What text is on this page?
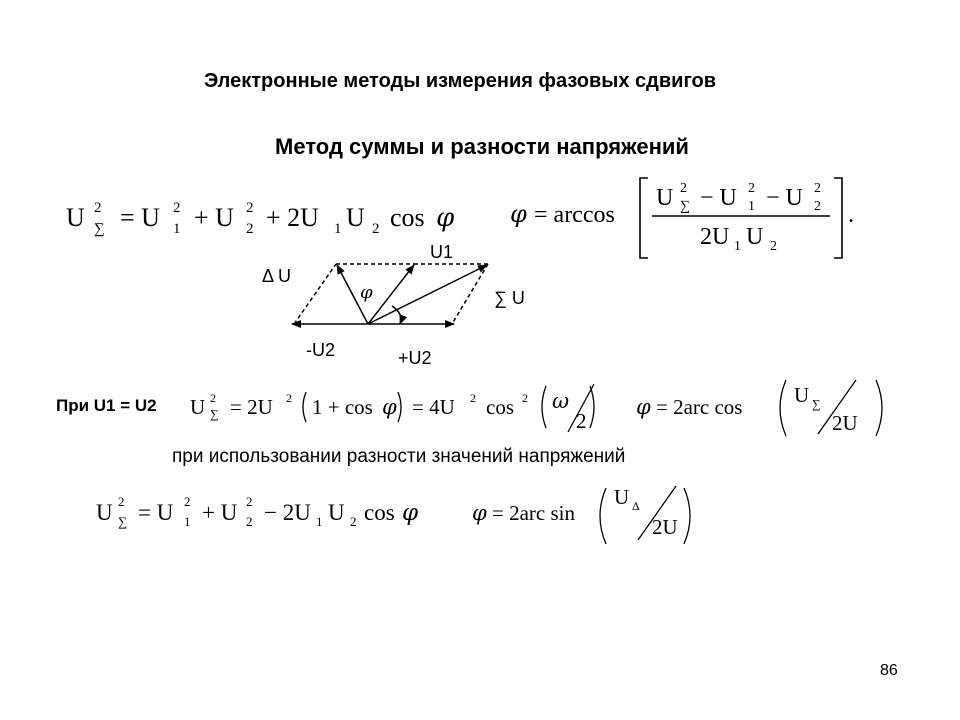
Электронные методы измерения фазовых сдвигов
Метод суммы и разности напряжений
При U1 = U2
при использовании разности значений напряжений
86
U 2
∑ = U 2
1 + U 2
2 + 2U 1 U 2 cos φ φ = arccos
U 2
∑ − U 2
1 − U 2
2
2U 1 U 2
.
U1
Δ U
∑ U
φ
-U2	+U2
U 2
∑ = 2U 2 1 + cos φ = 4U 2 cos 2 ω
2
φ = 2arc cos U ∑
2U
U 2
∑ = U 2
1 + U 2
2 − 2U 1 U 2 cos φ	φ = 2arc sin
U Δ
2U
